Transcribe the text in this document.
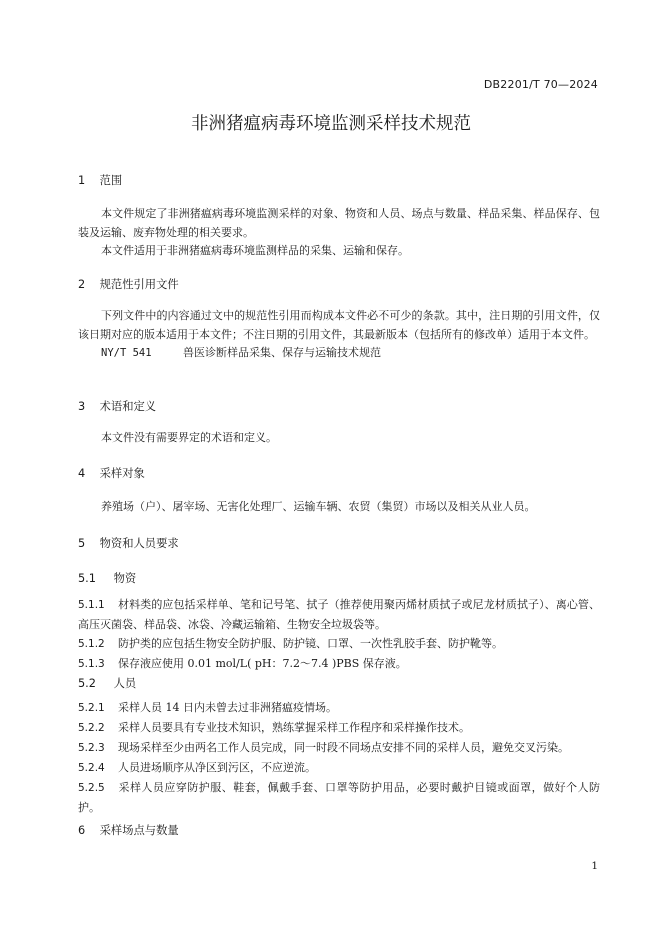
DB2201/T 70—2024
非洲猪瘟病毒环境监测采样技术规范
1 范围

本文件规定了非洲猪瘟病毒环境监测采样的对象、物资和人员、场点与数量、样品采集、样品保存、包装及运输、废弃物处理的相关要求。

本文件适用于非洲猪瘟病毒环境监测样品的采集、运输和保存。

2 规范性引用文件

下列文件中的内容通过文中的规范性引用而构成本文件必不可少的条款。其中，注日期的引用文件，仅该日期对应的版本适用于本文件；不注日期的引用文件，其最新版本（包括所有的修改单）适用于本文件。

NY/T 541	兽医诊断样品采集、保存与运输技术规范
3 术语和定义

本文件没有需要界定的术语和定义。

4 采样对象

养殖场（户）、屠宰场、无害化处理厂、运输车辆、农贸（集贸）市场以及相关从业人员。

5 物资和人员要求
5.1 物资

5.1.1 材料类的应包括采样单、笔和记号笔、拭子（推荐使用聚丙烯材质拭子或尼龙材质拭子）、离心管、高压灭菌袋、样品袋、冰袋、冷藏运输箱、生物安全垃圾袋等。

5.1.2 防护类的应包括生物安全防护服、防护镜、口罩、一次性乳胶手套、防护靴等。

5.1.3 保存液应使用 0.01 mol/L( pH：7.2～7.4 )PBS 保存液。

5.2 人员

5.2.1 采样人员 14 日内未曾去过非洲猪瘟疫情场。

5.2.2 采样人员要具有专业技术知识，熟练掌握采样工作程序和采样操作技术。

5.2.3 现场采样至少由两名工作人员完成，同一时段不同场点安排不同的采样人员，避免交叉污染。

5.2.4 人员进场顺序从净区到污区，不应逆流。

5.2.5 采样人员应穿防护服、鞋套，佩戴手套、口罩等防护用品，必要时戴护目镜或面罩，做好个人防护。

6 采样场点与数量
1
